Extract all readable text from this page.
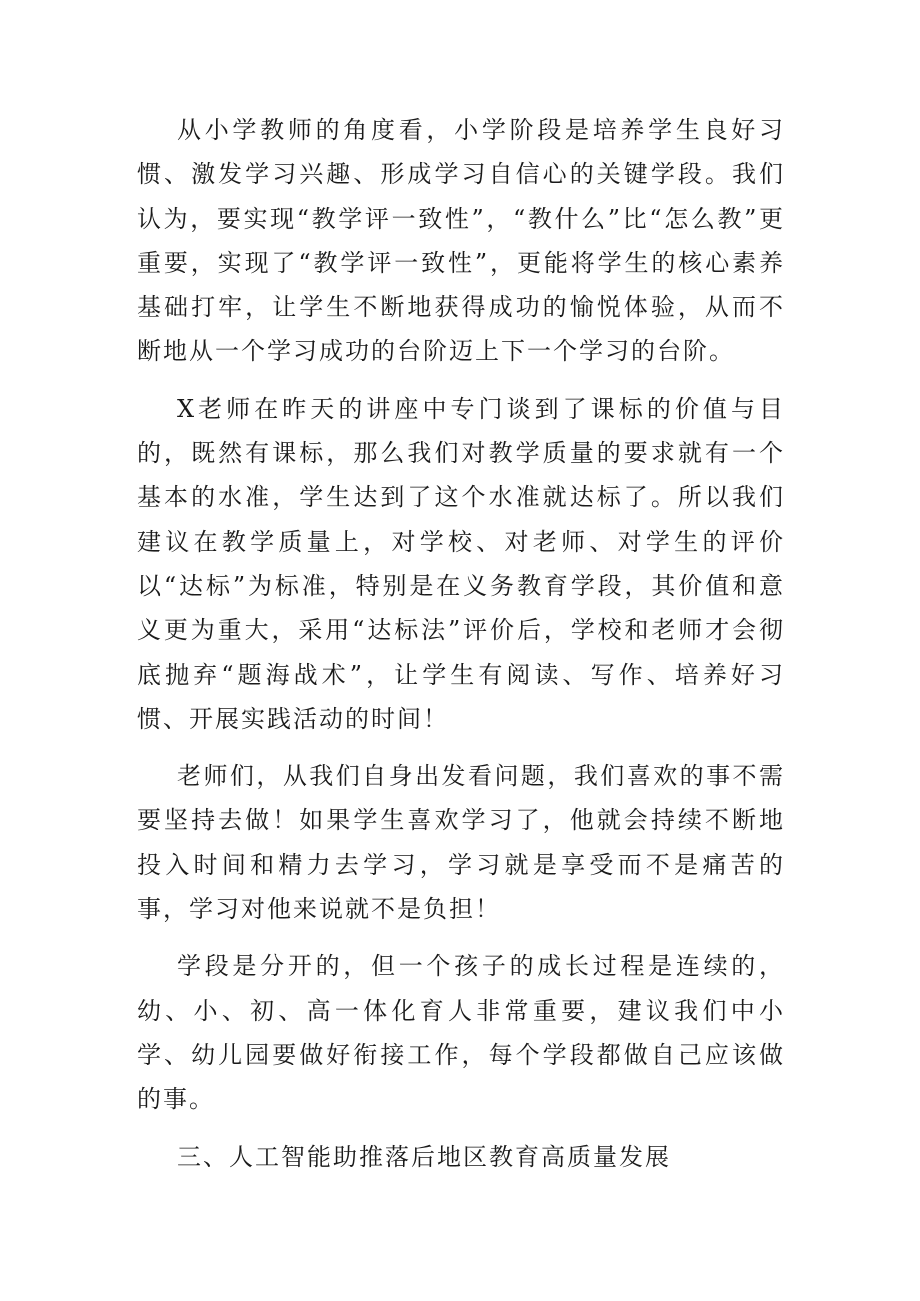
从小学教师的角度看，小学阶段是培养学生良好习惯、激发学习兴趣、形成学习自信心的关键学段。我们认为，要实现“教学评一致性”，“教什么”比“怎么教”更重要，实现了“教学评一致性”，更能将学生的核心素养基础打牢，让学生不断地获得成功的愉悦体验，从而不断地从一个学习成功的台阶迈上下一个学习的台阶。

X老师在昨天的讲座中专门谈到了课标的价值与目的，既然有课标，那么我们对教学质量的要求就有一个基本的水准，学生达到了这个水准就达标了。所以我们建议在教学质量上，对学校、对老师、对学生的评价以“达标”为标准，特别是在义务教育学段，其价值和意义更为重大，采用“达标法”评价后，学校和老师才会彻底抛弃“题海战术”，让学生有阅读、写作、培养好习惯、开展实践活动的时间！

老师们，从我们自身出发看问题，我们喜欢的事不需要坚持去做！如果学生喜欢学习了，他就会持续不断地投入时间和精力去学习，学习就是享受而不是痛苦的事，学习对他来说就不是负担！

学段是分开的，但一个孩子的成长过程是连续的，幼、小、初、高一体化育人非常重要，建议我们中小学、幼儿园要做好衔接工作，每个学段都做自己应该做的事。

三、人工智能助推落后地区教育高质量发展
